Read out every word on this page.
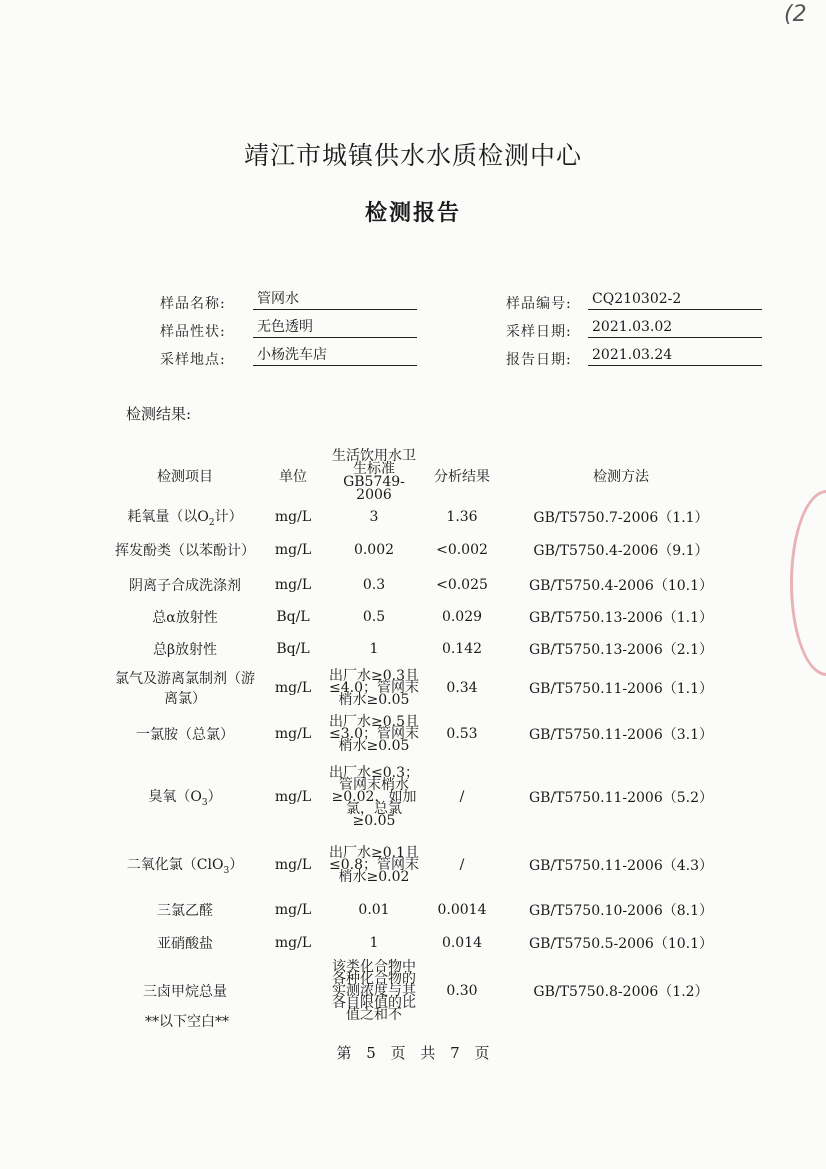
(2
靖江市城镇供水水质检测中心
检测报告
样品名称: 管网水
样品性状: 无色透明
采样地点: 小杨洗车店
样品编号: CQ210302-2
采样日期: 2021.03.02
报告日期: 2021.03.24
检测结果:
检测项目	单位	生活饮用水卫生标准GB5749-2006	分析结果	检测方法
耗氧量（以$O_2$计）	mg/L	3	1.36	GB/T5750.7-2006（1.1）
挥发酚类（以苯酚计）	mg/L	0.002	<0.002	GB/T5750.4-2006（9.1）
阴离子合成洗涤剂	mg/L	0.3	<0.025	GB/T5750.4-2006（10.1）
总α放射性	Bq/L	0.5	0.029	GB/T5750.13-2006（1.1）
总β放射性	Bq/L	1	0.142	GB/T5750.13-2006（2.1）
氯气及游离氯制剂（游离氯）	mg/L	出厂水≥0.3且≤4.0；管网末梢水≥0.05	0.34	GB/T5750.11-2006（1.1）
一氯胺（总氯）	mg/L	出厂水≥0.5且≤3.0；管网末梢水≥0.05	0.53	GB/T5750.11-2006（3.1）
臭氧$(O_3)$	mg/L	出厂水≤0.3；管网末梢水≥0.02，如加氯，总氯≥0.05	/	GB/T5750.11-2006（5.2）
二氧化氯（ClO$_3$）	mg/L	出厂水≥0.1且≤0.8；管网末梢水≥0.02	/	GB/T5750.11-2006（4.3）
三氯乙醛	mg/L	0.01	0.0014	GB/T5750.10-2006（8.1）
亚硝酸盐	mg/L	1	0.014	GB/T5750.5-2006（10.1）
三卤甲烷总量		该类化合物中各种化合物的实测浓度与其各自限值的比值之和不	0.30	GB/T5750.8-2006（1.2）
**以下空白**
第 5 页 共 7 页
